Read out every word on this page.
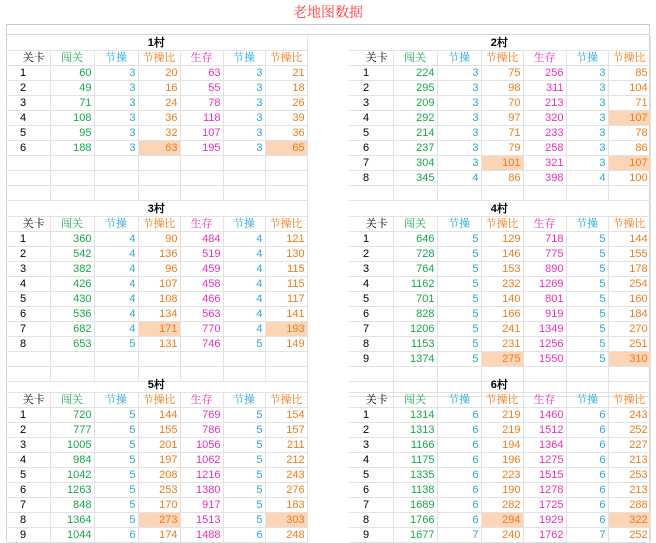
老地图数据
1村						
关卡	闯关	节操	节操比	生存	节操	节操比
1	60	3	20	63	3	21
2	49	3	16	55	3	18
3	71	3	24	78	3	26
4	108	3	36	118	3	39
5	95	3	32	107	3	36
6	188	3	63	195	3	65

2村						
关卡	闯关	节操	节操比	生存	节操	节操比
1	224	3	75	256	3	85
2	295	3	98	311	3	104
3	209	3	70	213	3	71
4	292	3	97	320	3	107
5	214	3	71	233	3	78
6	237	3	79	258	3	86
7	304	3	101	321	3	107
8	345	4	86	398	4	100

3村						
关卡	闯关	节操	节操比	生存	节操	节操比
1	360	4	90	484	4	121
2	542	4	136	519	4	130
3	382	4	96	459	4	115
4	426	4	107	458	4	115
5	430	4	108	466	4	117
6	536	4	134	563	4	141
7	682	4	171	770	4	193
8	653	5	131	746	5	149

4村						
关卡	闯关	节操	节操比	生存	节操	节操比
1	646	5	129	718	5	144
2	728	5	146	775	5	155
3	764	5	153	890	5	178
4	1162	5	232	1269	5	254
5	701	5	140	801	5	160
6	828	5	166	919	5	184
7	1206	5	241	1349	5	270
8	1153	5	231	1256	5	251
9	1374	5	275	1550	5	310

5村						
关卡	闯关	节操	节操比	生存	节操	节操比
1	720	5	144	769	5	154
2	777	5	155	786	5	157
3	1005	5	201	1056	5	211
4	984	5	197	1062	5	212
5	1042	5	208	1216	5	243
6	1263	5	253	1380	5	276
7	848	5	170	917	5	183
8	1364	5	273	1513	5	303
9	1044	6	174	1488	6	248
6村						
关卡	闯关	节操	节操比	生存	节操	节操比
1	1314	6	219	1460	6	243
2	1313	6	219	1512	6	252
3	1166	6	194	1364	6	227
4	1175	6	196	1275	6	213
5	1335	6	223	1515	6	253
6	1138	6	190	1278	6	213
7	1689	6	282	1725	6	288
8	1766	6	294	1929	6	322
9	1677	7	240	1762	7	252
